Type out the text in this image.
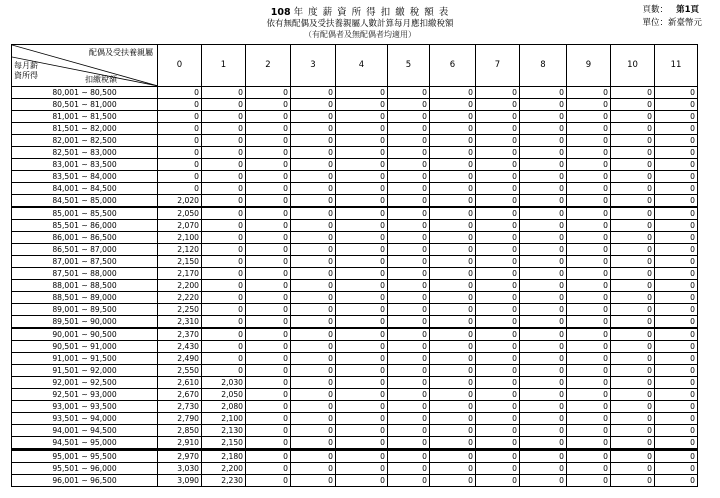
108 年 度 薪 資 所 得 扣 繳 稅 額 表
依有無配偶及受扶養親屬人數計算每月應扣繳稅額
（有配偶者及無配偶者均適用）
頁數： 第1頁
單位：新臺幣元
配偶及受扶養親屬
每月薪
資所得 扣繳稅額	0	1	2	3	4	5	6	7	8	9	10	11
80,001 ~ 80,500	0	0	0	0	0	0	0	0	0	0	0	0
80,501 ~ 81,000	0	0	0	0	0	0	0	0	0	0	0	0
81,001 ~ 81,500	0	0	0	0	0	0	0	0	0	0	0	0
81,501 ~ 82,000	0	0	0	0	0	0	0	0	0	0	0	0
82,001 ~ 82,500	0	0	0	0	0	0	0	0	0	0	0	0
82,501 ~ 83,000	0	0	0	0	0	0	0	0	0	0	0	0
83,001 ~ 83,500	0	0	0	0	0	0	0	0	0	0	0	0
83,501 ~ 84,000	0	0	0	0	0	0	0	0	0	0	0	0
84,001 ~ 84,500	0	0	0	0	0	0	0	0	0	0	0	0
84,501 ~ 85,000	2,020	0	0	0	0	0	0	0	0	0	0	0
85,001 ~ 85,500	2,050	0	0	0	0	0	0	0	0	0	0	0
85,501 ~ 86,000	2,070	0	0	0	0	0	0	0	0	0	0	0
86,001 ~ 86,500	2,100	0	0	0	0	0	0	0	0	0	0	0
86,501 ~ 87,000	2,120	0	0	0	0	0	0	0	0	0	0	0
87,001 ~ 87,500	2,150	0	0	0	0	0	0	0	0	0	0	0
87,501 ~ 88,000	2,170	0	0	0	0	0	0	0	0	0	0	0
88,001 ~ 88,500	2,200	0	0	0	0	0	0	0	0	0	0	0
88,501 ~ 89,000	2,220	0	0	0	0	0	0	0	0	0	0	0
89,001 ~ 89,500	2,250	0	0	0	0	0	0	0	0	0	0	0
89,501 ~ 90,000	2,310	0	0	0	0	0	0	0	0	0	0	0
90,001 ~ 90,500	2,370	0	0	0	0	0	0	0	0	0	0	0
90,501 ~ 91,000	2,430	0	0	0	0	0	0	0	0	0	0	0
91,001 ~ 91,500	2,490	0	0	0	0	0	0	0	0	0	0	0
91,501 ~ 92,000	2,550	0	0	0	0	0	0	0	0	0	0	0
92,001 ~ 92,500	2,610	2,030	0	0	0	0	0	0	0	0	0	0
92,501 ~ 93,000	2,670	2,050	0	0	0	0	0	0	0	0	0	0
93,001 ~ 93,500	2,730	2,080	0	0	0	0	0	0	0	0	0	0
93,501 ~ 94,000	2,790	2,100	0	0	0	0	0	0	0	0	0	0
94,001 ~ 94,500	2,850	2,130	0	0	0	0	0	0	0	0	0	0
94,501 ~ 95,000	2,910	2,150	0	0	0	0	0	0	0	0	0	0
95,001 ~ 95,500	2,970	2,180	0	0	0	0	0	0	0	0	0	0
95,501 ~ 96,000	3,030	2,200	0	0	0	0	0	0	0	0	0	0
96,001 ~ 96,500	3,090	2,230	0	0	0	0	0	0	0	0	0	0
